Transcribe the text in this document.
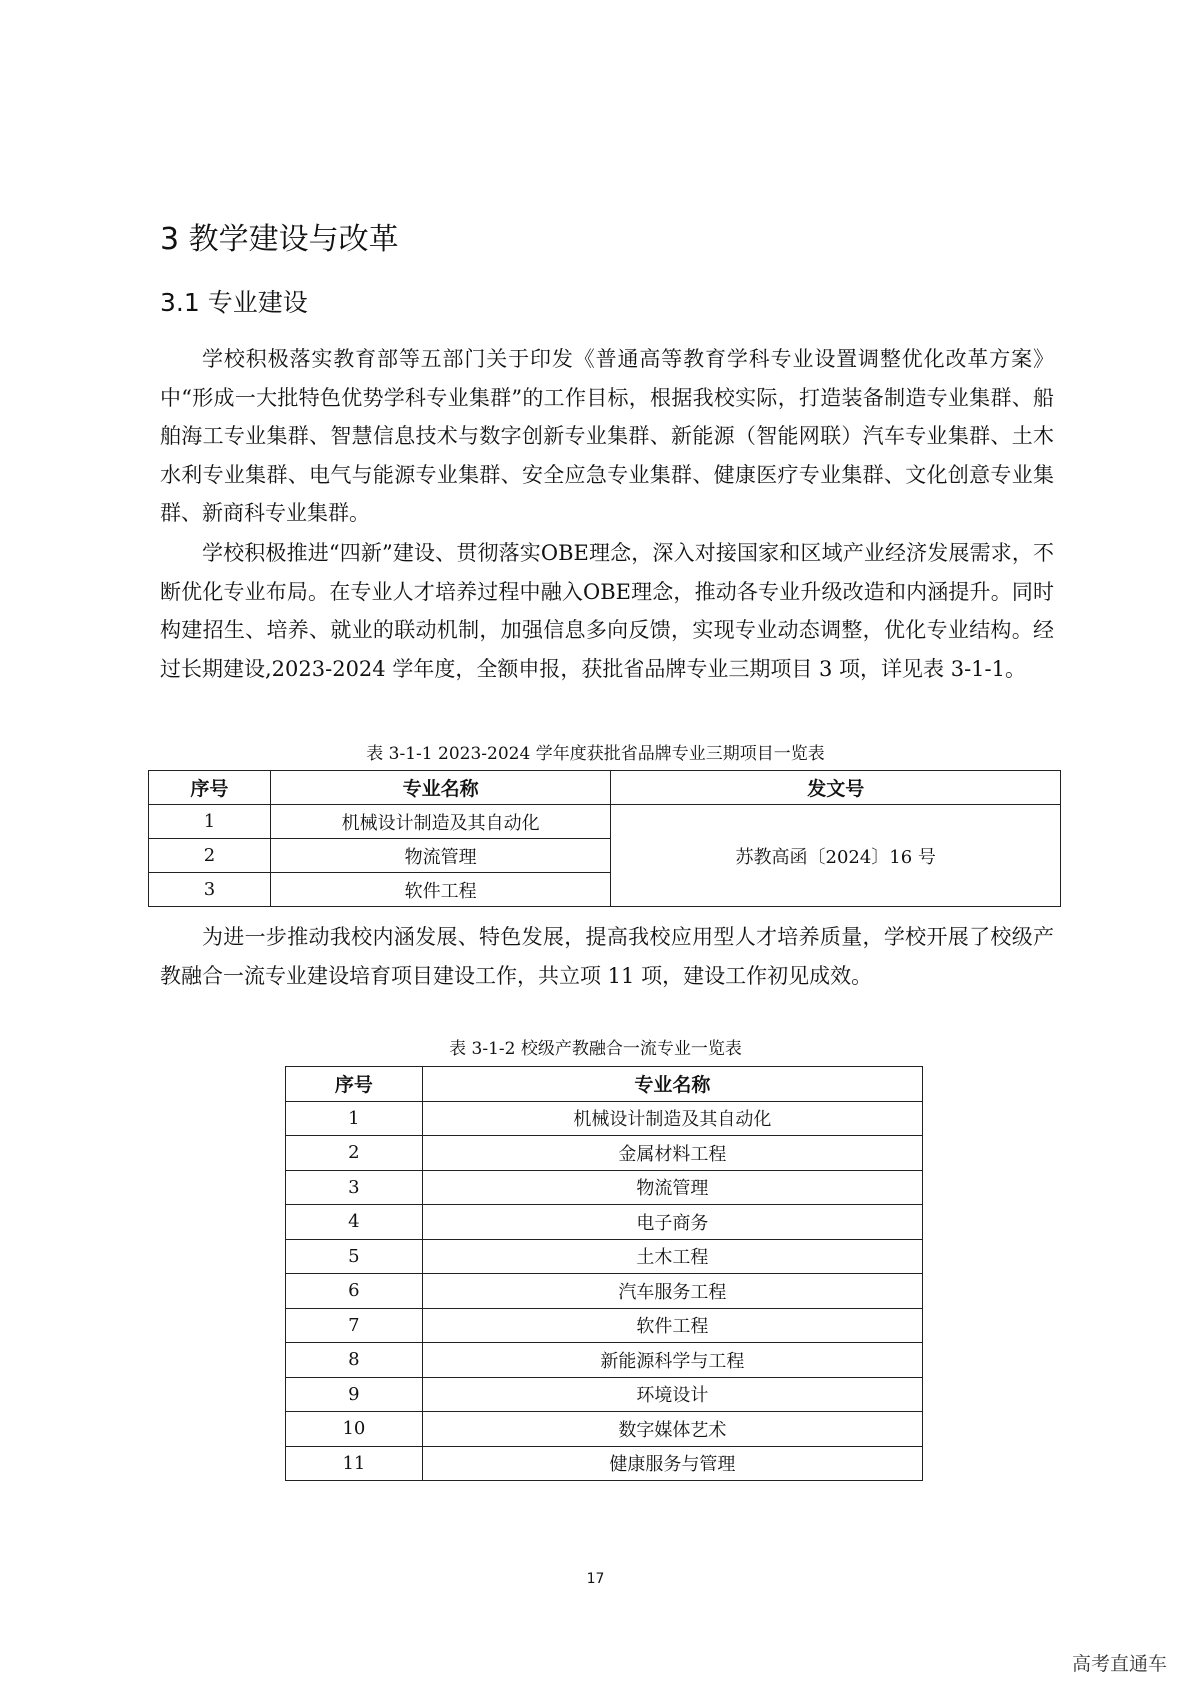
3 教学建设与改革
3.1 专业建设

学校积极落实教育部等五部门关于印发《普通高等教育学科专业设置调整优化改革方案》中“形成一大批特色优势学科专业集群”的工作目标，根据我校实际，打造装备制造专业集群、船舶海工专业集群、智慧信息技术与数字创新专业集群、新能源（智能网联）汽车专业集群、土木水利专业集群、电气与能源专业集群、安全应急专业集群、健康医疗专业集群、文化创意专业集群、新商科专业集群。

学校积极推进“四新”建设、贯彻落实OBE理念，深入对接国家和区域产业经济发展需求，不断优化专业布局。在专业人才培养过程中融入OBE理念，推动各专业升级改造和内涵提升。同时构建招生、培养、就业的联动机制，加强信息多向反馈，实现专业动态调整，优化专业结构。经过长期建设,2023-2024 学年度，全额申报，获批省品牌专业三期项目 3 项，详见表 3-1-1。

表 3-1-1 2023-2024 学年度获批省品牌专业三期项目一览表

序号	专业名称	发文号
1	机械设计制造及其自动化	苏教高函〔2024〕16 号
2	物流管理	
3	软件工程	

为进一步推动我校内涵发展、特色发展，提高我校应用型人才培养质量，学校开展了校级产教融合一流专业建设培育项目建设工作，共立项 11 项，建设工作初见成效。

表 3-1-2 校级产教融合一流专业一览表

序号	专业名称
1	机械设计制造及其自动化
2	金属材料工程
3	物流管理
4	电子商务
5	土木工程
6	汽车服务工程
7	软件工程
8	新能源科学与工程
9	环境设计
10	数字媒体艺术
11	健康服务与管理
17
高考直通车
